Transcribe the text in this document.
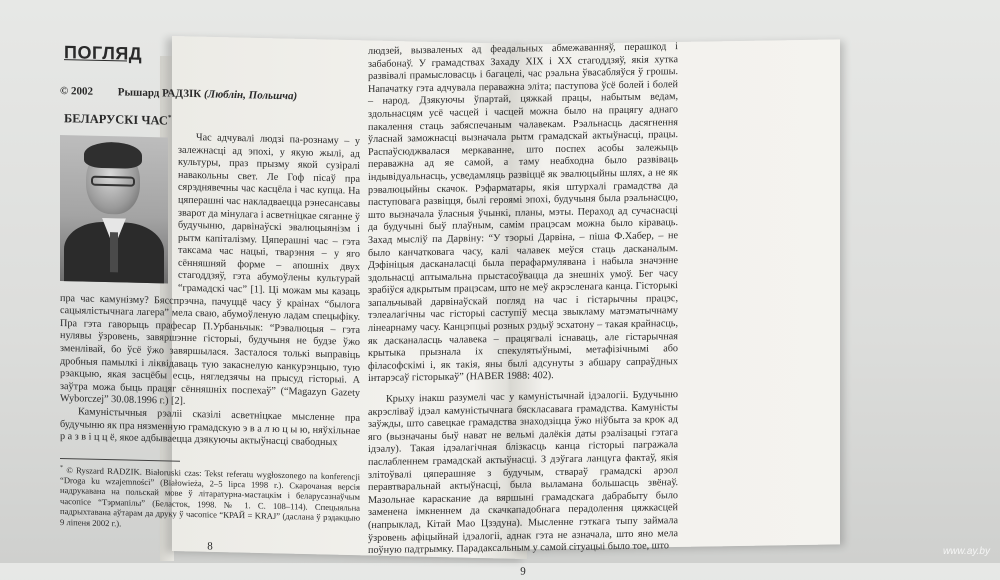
ПОГЛЯД
© 2002 Рышард РАДЗІК (Люблін, Польшча)
БЕЛАРУСКІ ЧАС*

Час адчувалі людзі па-рознаму – у залежнасці ад эпохі, у якую жылі, ад культуры, праз прызму якой сузіралі навакольны свет. Ле Гоф пісаў пра сярэднявечны час касцёла і час купца. На цяперашні час накладваецца рэнесансавы зварот да мінулага і асветніцкае сяганне ў будучыню, дарвінаўскі эвалюцыянізм і рытм капіталізму. Цяперашні час – гэта таксама час нацыі, тварэння – у яго сённяшняй форме – апошніх двух стагоддзяў, гэта абумоўлены культурай “грамадскі час” [1]. Ці можам мы казаць пра час камунізму? Бясспрэчна, пачуццё часу ў краінах “былога сацыялістычнага лагера” мела сваю, абумоўленую ладам спецыфіку. Пра гэта гаворыць прафесар П.Урбаньчык: “Рэвалюцыя – гэта нулявы ўзровень, завяршэнне гісторыі, будучыня не будзе ўжо зменлівай, бо ўсё ўжо завяршылася. Засталося толькі выправіць дробныя памылкі і ліквідаваць тую закаснелую канкурэнцыю, тую рэакцыю, якая засцёбы есць, нягледзячы на прысуд гісторыі. А заўтра можа быць працяг сённяшніх поспехаў” (“Magazyn Gazety Wyborczej” 30.08.1996 г.) [2].

Камуністычныя рэаліі сказілі асветніцкае мысленне пра будучыню як пра нязменную грамадскую э в а л ю ц ы ю, няўхільнае р а з в і ц ц ё, якое адбываецца дзякуючы актыўнасці свабодных

* © Ryszard RADZIK. Białoruski czas: Tekst referatu wygłoszonego na konferencji “Droga ku wzajemności” (Białowieża, 2–5 lipca 1998 r.). Скарочаная версія надрукавана на польскай мове ў літаратурна-мастацкім і беларусазнаўчым часопісе “Тэрмапілы” (Беласток, 1998. № 1. С. 108–114). Спецыяльна падрыхтавана аўтарам да друку ў часопісе “КРАЙ = KRAJ” (даслана ў рэдакцыю 9 ліпеня 2002 г.).
8

людзей, вызваленых ад феадальных абмежаванняў, перашкод і забабонаў. У грамадствах Захаду XIX і XX стагоддзяў, якія хутка развівалі прамысловасць і багацелі, час рэальна ўвасабляўся ў грошы. Напачатку гэта адчувала пераважна эліта; паступова ўсё болей і болей – народ. Дзякуючы ўпартай, цяжкай працы, набытым ведам, здольнасцям усё часцей і часцей можна было на працягу аднаго пакалення стаць забяспечаным чалавекам. Рэальнасць дасягнення ўласнай заможнасці вызначала рытм грамадскай актыўнасці, працы. Распаўсюджвалася меркаванне, што поспех асобы залежыць пераважна ад яе самой, а таму неабходна было развіваць індывідуальнасць, усведамляць развіццё як эвалюцыйны шлях, а не як рэвалюцыйны скачок. Рэфарматары, якія штурхалі грамадства да паступовага развіцця, былі героямі эпохі, будучыня была рэальнасцю, што вызначала ўласныя ўчынкі, планы, мэты. Пераход ад сучаснасці да будучыні быў плаўным, самім працэсам можна было кіраваць. Захад мысліў па Дарвіну: “У тэорыі Дарвіна, – піша Ф.Хабер, – не было канчатковага часу, калі чалавек меўся стаць дасканалым. Дэфініцыя дасканаласці была перафармулявана і набыла значэнне здольнасці аптымальна прыстасоўвацца да знешніх умоў. Бег часу зрабіўся адкрытым працэсам, што не меў акрэсленага канца. Гісторыкі запальчывай дарвінаўскай погляд на час і гістарычны працэс, тэлеалагічны час гісторыі саступіў месца звыкламу матэматычнаму лінеарнаму часу. Канцэпцыі розных рэдыў эсхатону – такая крайнасць, як дасканаласць чалавека – працягвалі існаваць, але гістарычная крытыка прызнала іх спекулятыўнымі, метафізічнымі або філасофскімі і, як такія, яны былі адсунуты з абшару сапраўдных інтарэсаў гісторыкаў” (HABER 1988: 402).

Крыху інакш разумелі час у камуністычнай ідэалогіі. Будучыню акрэсліваў ідэал камуністычнага бяскласавага грамадства. Камуністы заўжды, што савецкае грамадства знаходзіцца ўжо ніўбыта за крок ад яго (вызначаны быў нават не вельмі далёкія даты рэалізацыі гэтага ідэалу). Такая ідэалагічная блізкасць канца гісторыі пагражала паслабленнем грамадскай актыўнасці. З дэўгага ланцуга фактаў, якія злітоўвалі цяперашняе з будучым, ствараў грамадскі арэол перавтваральнай актыўнасці, была выламана большасць звёнаў. Мазольнае караскание да вяршыні грамадскага дабрабыту было заменена імкненнем да скачкападобнага перадолення цяжкасцей (напрыклад, Кітай Мао Цзэдуна). Мысленне гэткага тыпу займала ўзровень афіцыйнай ідэалогіі, аднак гэта не азначала, што яно мела поўную падтрымку. Парадаксальным у самой сітуацыі было тое, што

9
www.ay.by
